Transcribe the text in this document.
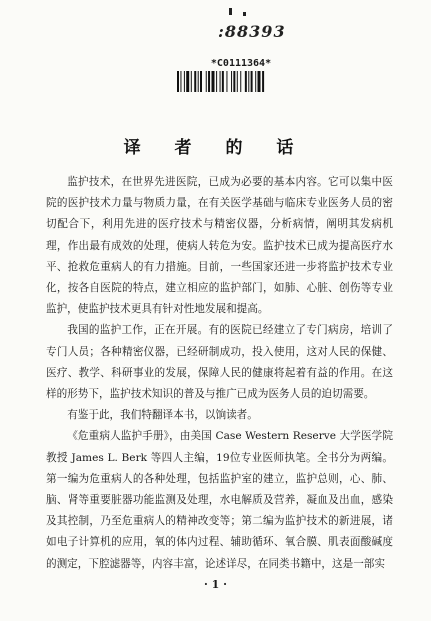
:88393
*C0111364*
译 者 的 话

监护技术，在世界先进医院，已成为必要的基本内容。它可以集中医院的医护技术力量与物质力量，在有关医学基础与临床专业医务人员的密切配合下，利用先进的医疗技术与精密仪器，分析病情，阐明其发病机理，作出最有成效的处理，使病人转危为安。监护技术已成为提高医疗水平、抢救危重病人的有力措施。目前，一些国家还进一步将监护技术专业化，按各自医院的特点，建立相应的监护部门，如肺、心脏、创伤等专业监护，使监护技术更具有针对性地发展和提高。

我国的监护工作，正在开展。有的医院已经建立了专门病房，培训了专门人员；各种精密仪器，已经研制成功，投入使用，这对人民的保健、医疗、教学、科研事业的发展，保障人民的健康将起着有益的作用。在这样的形势下，监护技术知识的普及与推广已成为医务人员的迫切需要。

有鉴于此，我们特翻译本书，以饷读者。

《危重病人监护手册》，由美国 Case Western Reserve 大学医学院教授 James L. Berk 等四人主编，19位专业医师执笔。全书分为两编。第一编为危重病人的各种处理，包括监护室的建立，监护总则，心、肺、脑、肾等重要脏器功能监测及处理，水电解质及营养，凝血及出血，感染及其控制，乃至危重病人的精神改变等；第二编为监护技术的新进展，诸如电子计算机的应用，氧的体内过程、辅助循环、氧合膜、肌表面酸碱度的测定，下腔滤器等，内容丰富，论述详尽，在同类书籍中，这是一部实

· 1 ·
